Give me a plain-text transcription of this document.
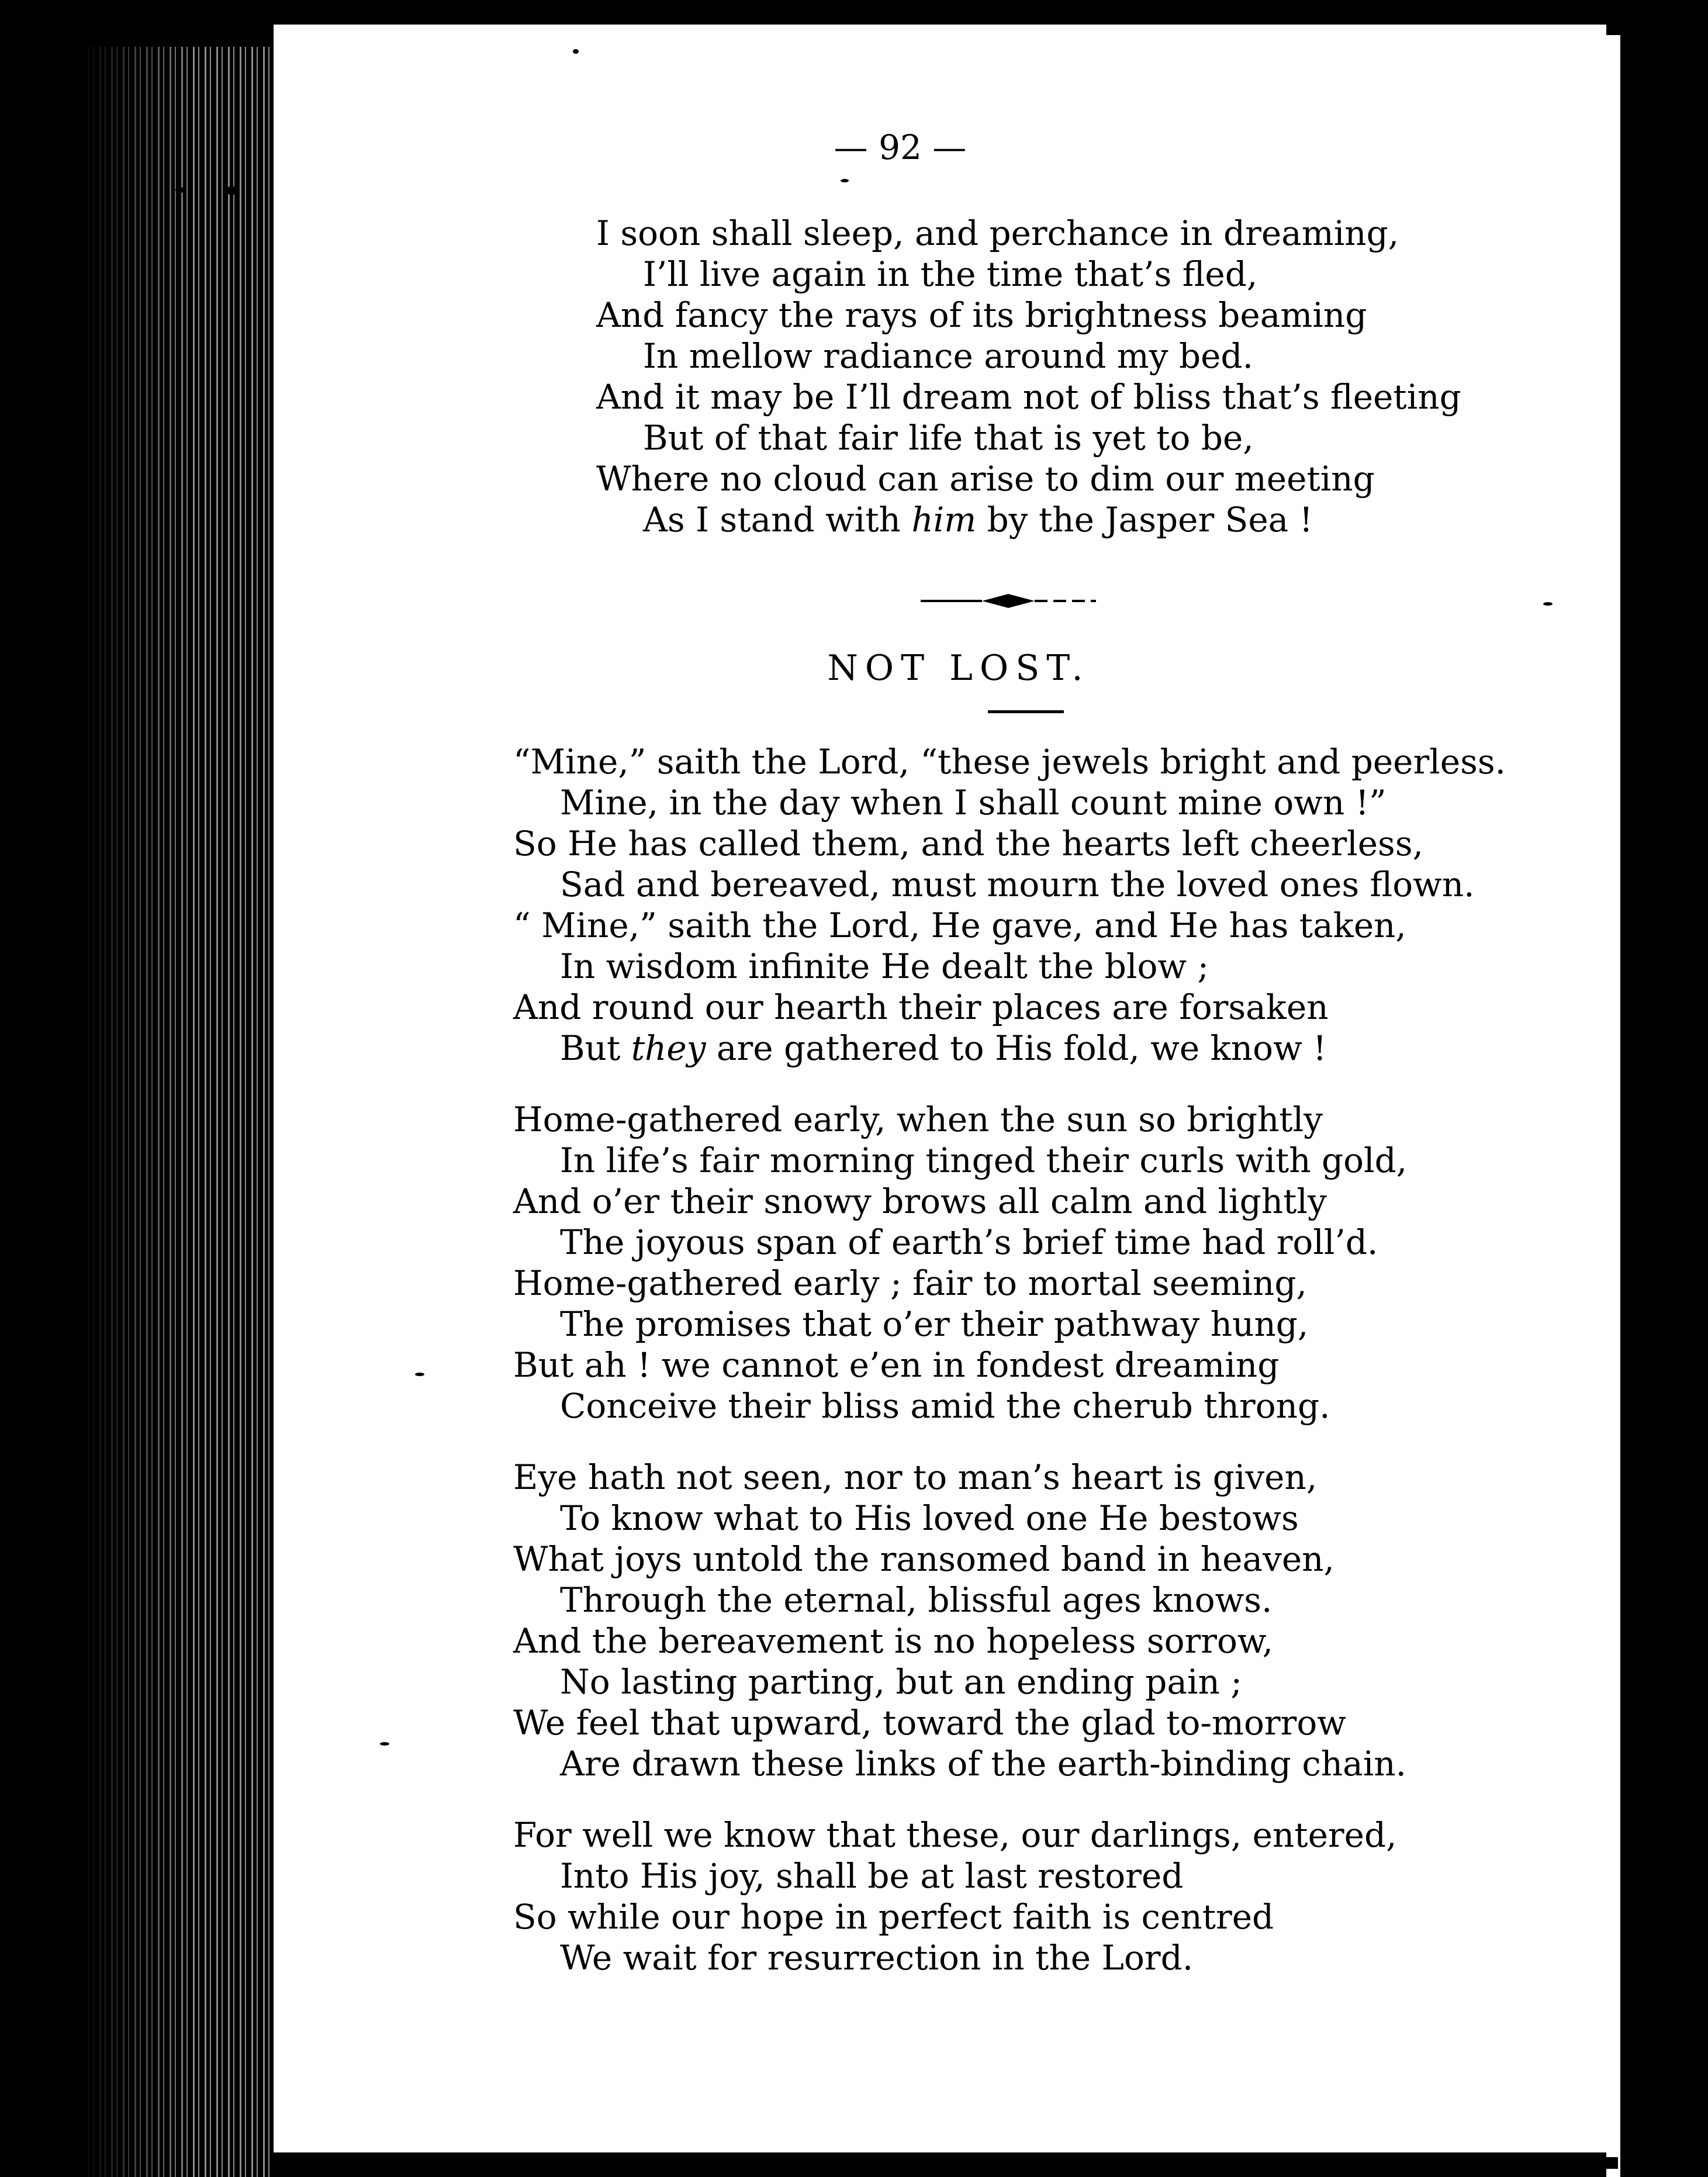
— 92 —
I soon shall sleep, and perchance in dreaming,
I’ll live again in the time that’s fled,
And fancy the rays of its brightness beaming
In mellow radiance around my bed.
And it may be I’ll dream not of bliss that’s fleeting
But of that fair life that is yet to be,
Where no cloud can arise to dim our meeting
As I stand with him by the Jasper Sea !
NOT LOST.
“Mine,” saith the Lord, “these jewels bright and peerless.
Mine, in the day when I shall count mine own !”
So He has called them, and the hearts left cheerless,
Sad and bereaved, must mourn the loved ones flown.
“ Mine,” saith the Lord, He gave, and He has taken,
In wisdom infinite He dealt the blow ;
And round our hearth their places are forsaken
But they are gathered to His fold, we know !
Home-gathered early, when the sun so brightly
In life’s fair morning tinged their curls with gold,
And o’er their snowy brows all calm and lightly
The joyous span of earth’s brief time had roll’d.
Home-gathered early ; fair to mortal seeming,
The promises that o’er their pathway hung,
But ah ! we cannot e’en in fondest dreaming
Conceive their bliss amid the cherub throng.
Eye hath not seen, nor to man’s heart is given,
To know what to His loved one He bestows
What joys untold the ransomed band in heaven,
Through the eternal, blissful ages knows.
And the bereavement is no hopeless sorrow,
No lasting parting, but an ending pain ;
We feel that upward, toward the glad to-morrow
Are drawn these links of the earth-binding chain.
For well we know that these, our darlings, entered,
Into His joy, shall be at last restored
So while our hope in perfect faith is centred
We wait for resurrection in the Lord.
